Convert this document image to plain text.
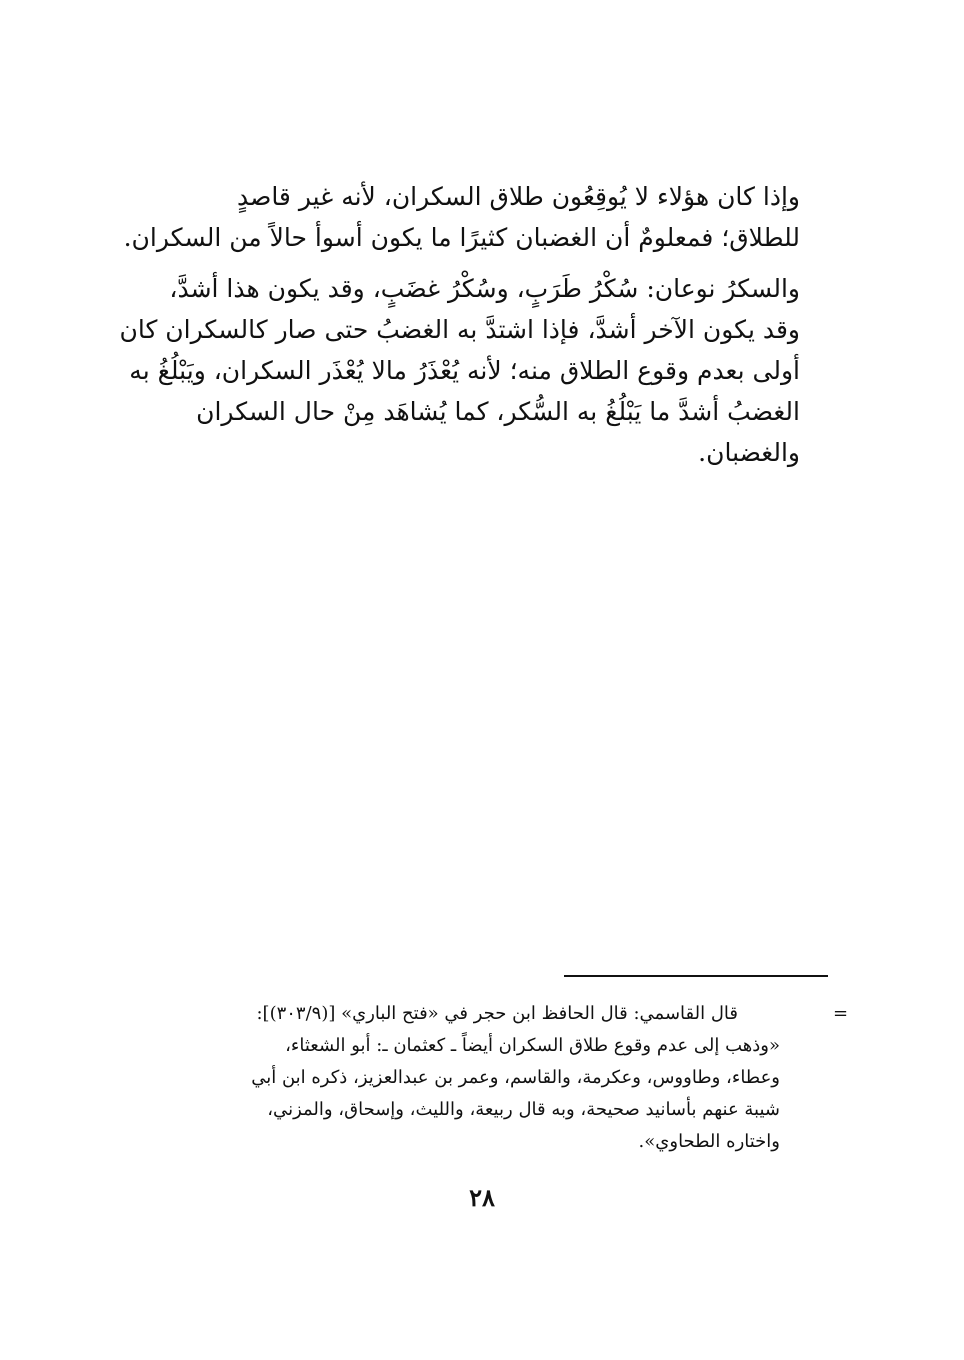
وإذا كان هؤلاء لا يُوقِعُون طلاق السكران، لأنه غير قاصدٍ
للطلاق؛ فمعلومٌ أن الغضبان كثيرًا ما يكون أسوأ حالاً من السكران.

والسكرُ نوعان: سُكْرُ طَرَبٍ، وسُكْرُ غضَبٍ، وقد يكون هذا أشدَّ،
وقد يكون الآخر أشدَّ، فإذا اشتدَّ به الغضبُ حتى صار كالسكران كان
أولى بعدم وقوع الطلاق منه؛ لأنه يُعْذَرُ مالا يُعْذَر السكران، ويَبْلُغُ به
الغضبُ أشدَّ ما يَبْلُغُ به السُّكر، كما يُشاهَد مِنْ حال السكران
والغضبان.

=
قال القاسمي: قال الحافظ ابن حجر في «فتح الباري» [(٣٠٣/٩)]:
«وذهب إلى عدم وقوع طلاق السكران أيضاً ـ كعثمان ـ: أبو الشعثاء،
وعطاء، وطاووس، وعكرمة، والقاسم، وعمر بن عبدالعزيز، ذكره ابن أبي
شيبة عنهم بأسانيد صحيحة، وبه قال ربيعة، والليث، وإسحاق، والمزني،
واختاره الطحاوي».
٢٨
